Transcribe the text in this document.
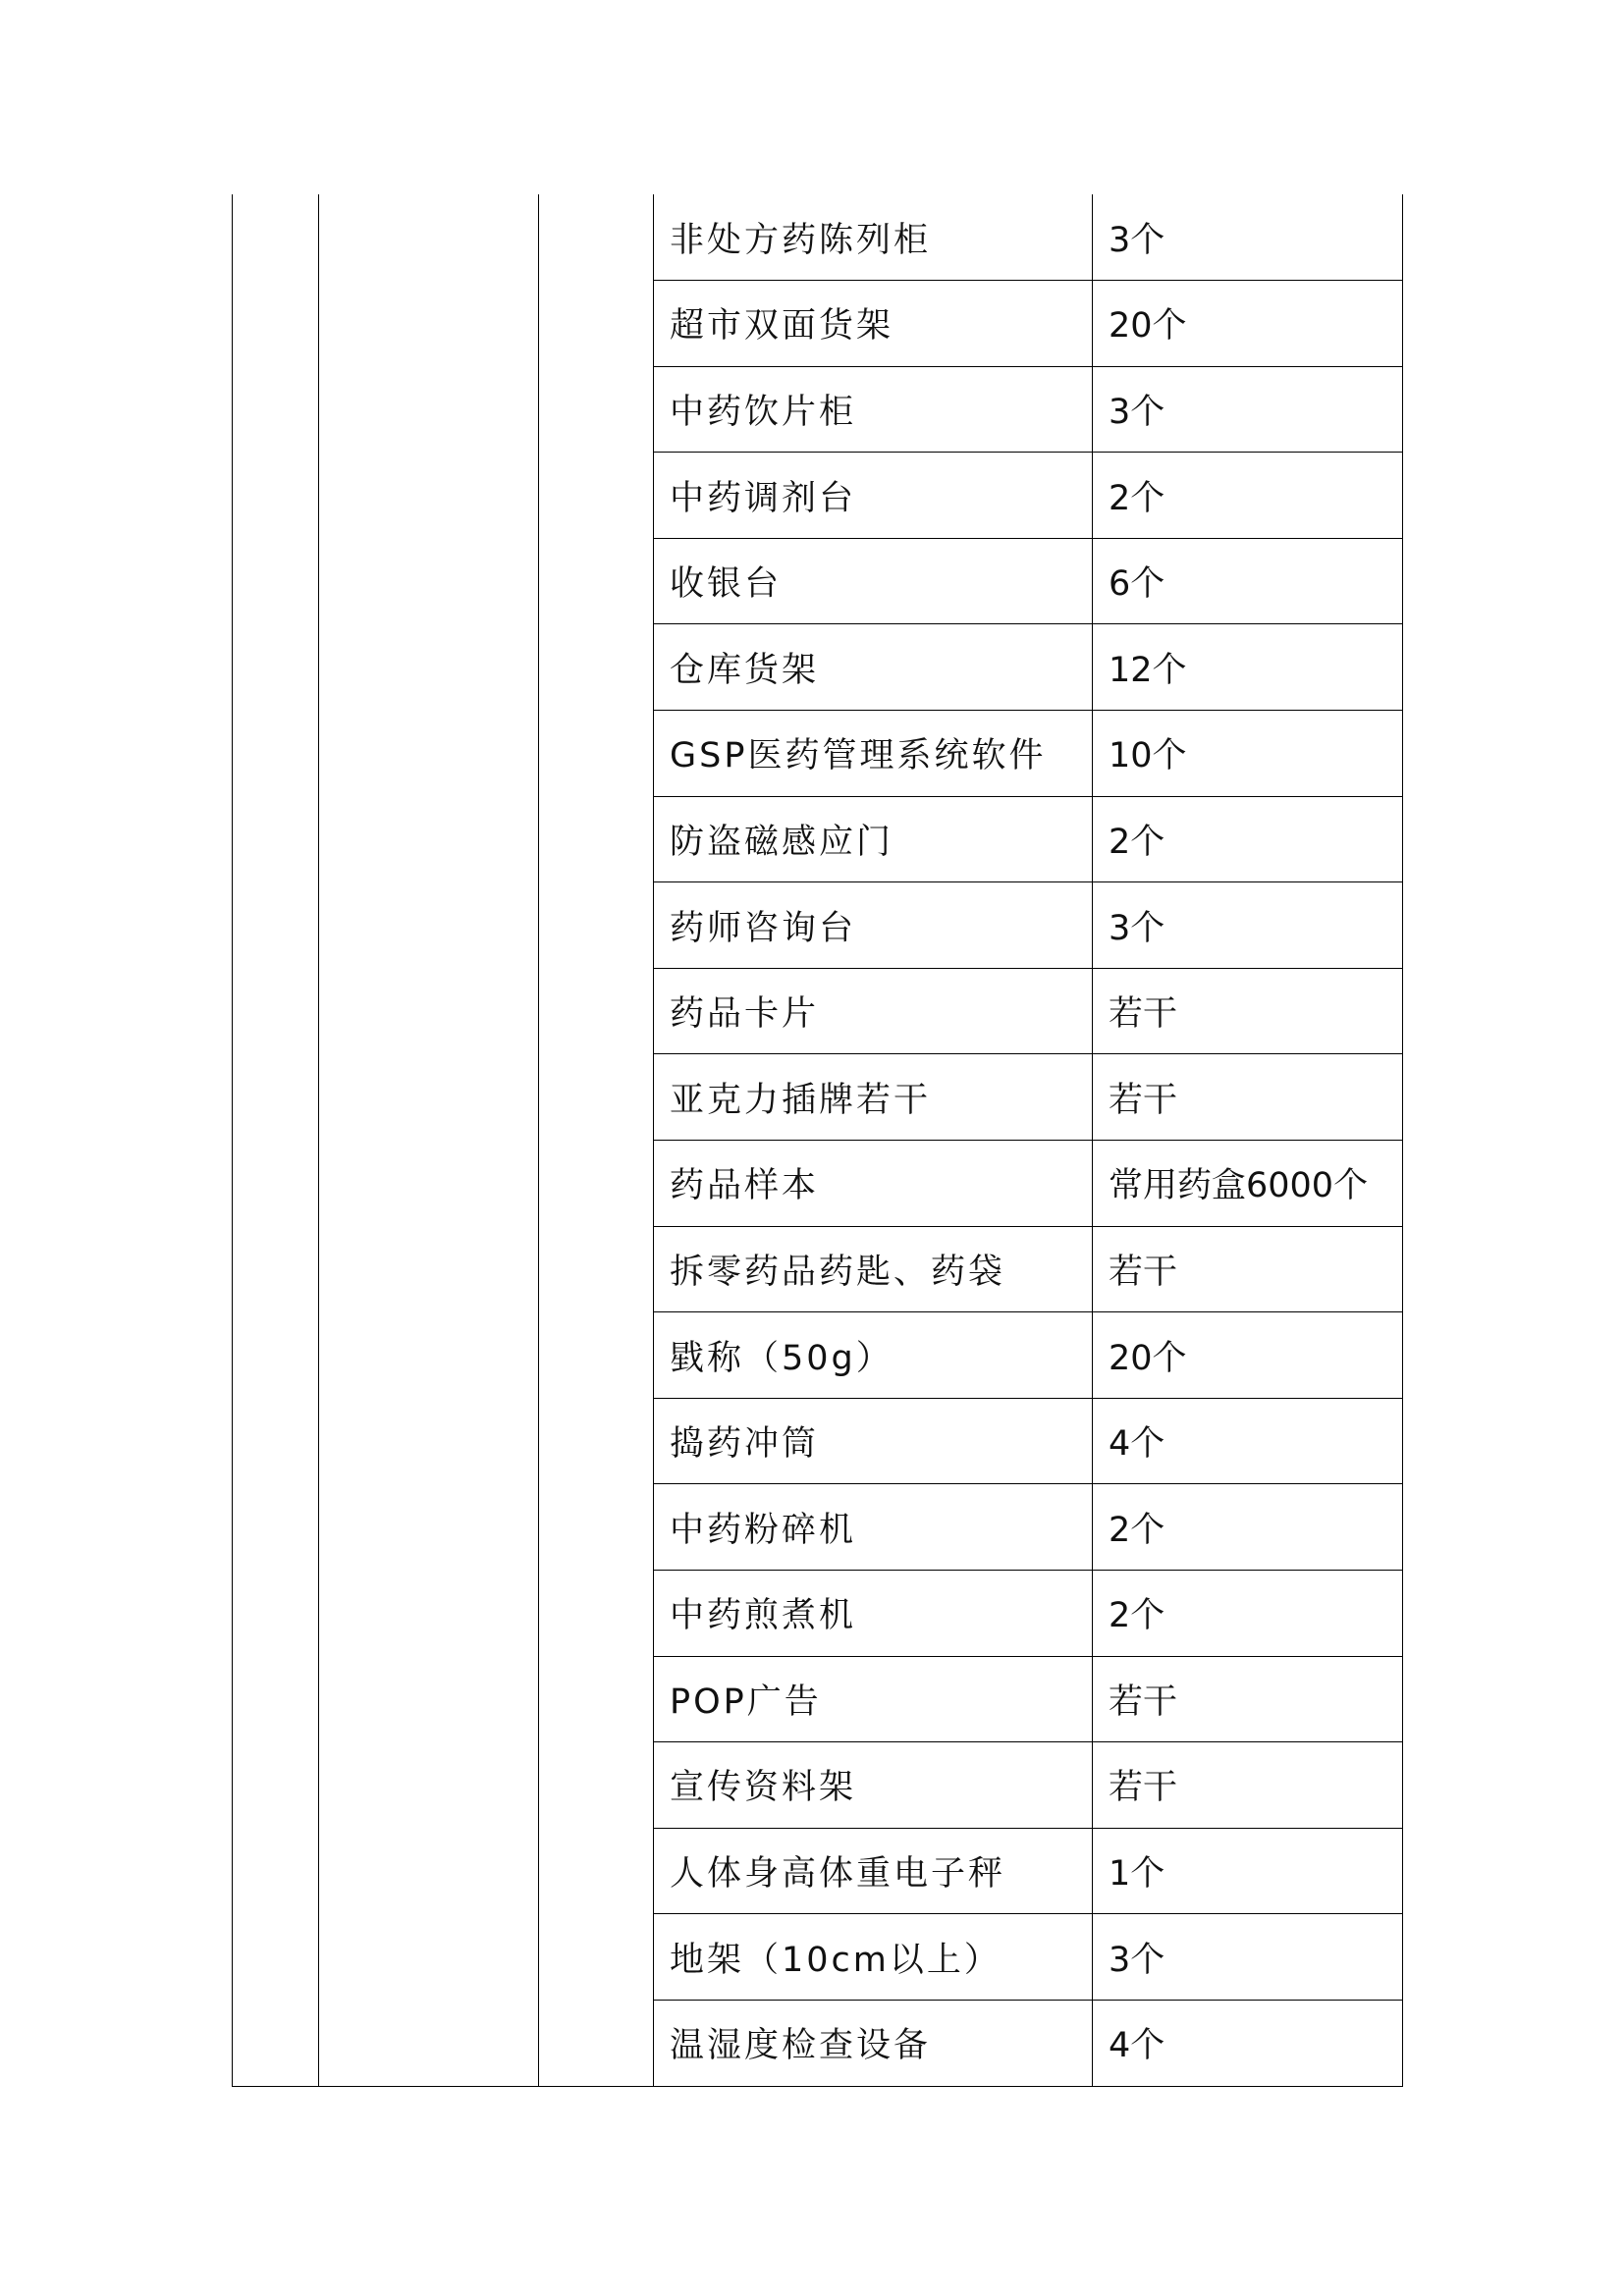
			非处方药陈列柜	3个
			超市双面货架	20个
			中药饮片柜	3个
			中药调剂台	2个
			收银台	6个
			仓库货架	12个
			GSP医药管理系统软件	10个
			防盗磁感应门	2个
			药师咨询台	3个
			药品卡片	若干
			亚克力插牌若干	若干
			药品样本	常用药盒6000个
			拆零药品药匙、药袋	若干
			戥称（50g）	20个
			捣药冲筒	4个
			中药粉碎机	2个
			中药煎煮机	2个
			POP广告	若干
			宣传资料架	若干
			人体身高体重电子秤	1个
			地架（10cm以上）	3个
			温湿度检查设备	4个
